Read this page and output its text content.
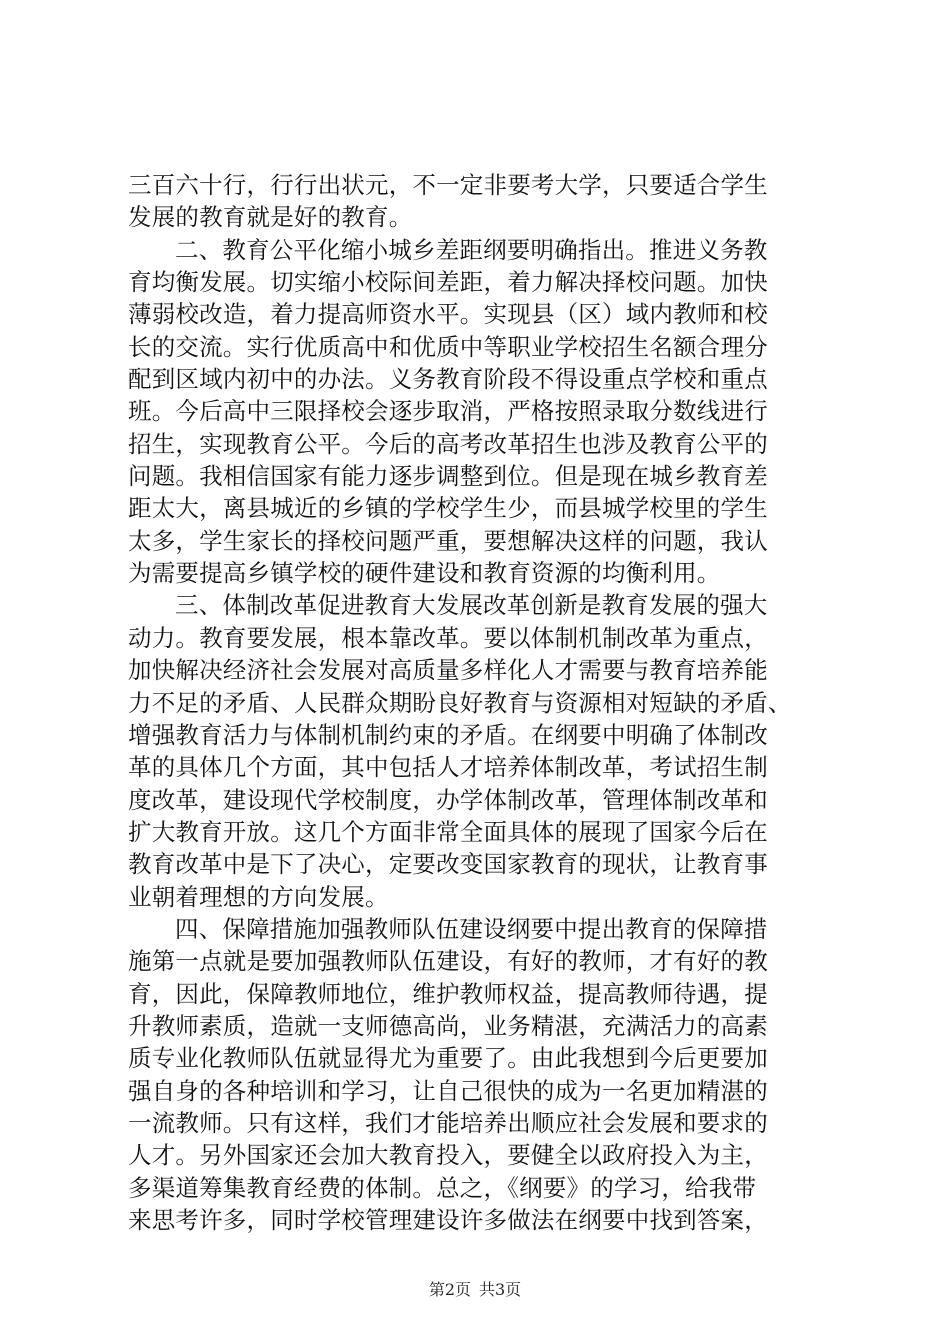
三百六十行，行行出状元，不一定非要考大学，只要适合学生
发展的教育就是好的教育。
二、教育公平化缩小城乡差距纲要明确指出。推进义务教
育均衡发展。切实缩小校际间差距，着力解决择校问题。加快
薄弱校改造，着力提高师资水平。实现县（区）域内教师和校
长的交流。实行优质高中和优质中等职业学校招生名额合理分
配到区域内初中的办法。义务教育阶段不得设重点学校和重点
班。今后高中三限择校会逐步取消，严格按照录取分数线进行
招生，实现教育公平。今后的高考改革招生也涉及教育公平的
问题。我相信国家有能力逐步调整到位。但是现在城乡教育差
距太大，离县城近的乡镇的学校学生少，而县城学校里的学生
太多，学生家长的择校问题严重，要想解决这样的问题，我认
为需要提高乡镇学校的硬件建设和教育资源的均衡利用。
三、体制改革促进教育大发展改革创新是教育发展的强大
动力。教育要发展，根本靠改革。要以体制机制改革为重点，
加快解决经济社会发展对高质量多样化人才需要与教育培养能
力不足的矛盾、人民群众期盼良好教育与资源相对短缺的矛盾、
增强教育活力与体制机制约束的矛盾。在纲要中明确了体制改
革的具体几个方面，其中包括人才培养体制改革，考试招生制
度改革，建设现代学校制度，办学体制改革，管理体制改革和
扩大教育开放。这几个方面非常全面具体的展现了国家今后在
教育改革中是下了决心，定要改变国家教育的现状，让教育事
业朝着理想的方向发展。
四、保障措施加强教师队伍建设纲要中提出教育的保障措
施第一点就是要加强教师队伍建设，有好的教师，才有好的教
育，因此，保障教师地位，维护教师权益，提高教师待遇，提
升教师素质，造就一支师德高尚，业务精湛，充满活力的高素
质专业化教师队伍就显得尤为重要了。由此我想到今后更要加
强自身的各种培训和学习，让自己很快的成为一名更加精湛的
一流教师。只有这样，我们才能培养出顺应社会发展和要求的
人才。另外国家还会加大教育投入，要健全以政府投入为主，
多渠道筹集教育经费的体制。总之，《纲要》的学习，给我带
来思考许多，同时学校管理建设许多做法在纲要中找到答案，
第2页 共3页
